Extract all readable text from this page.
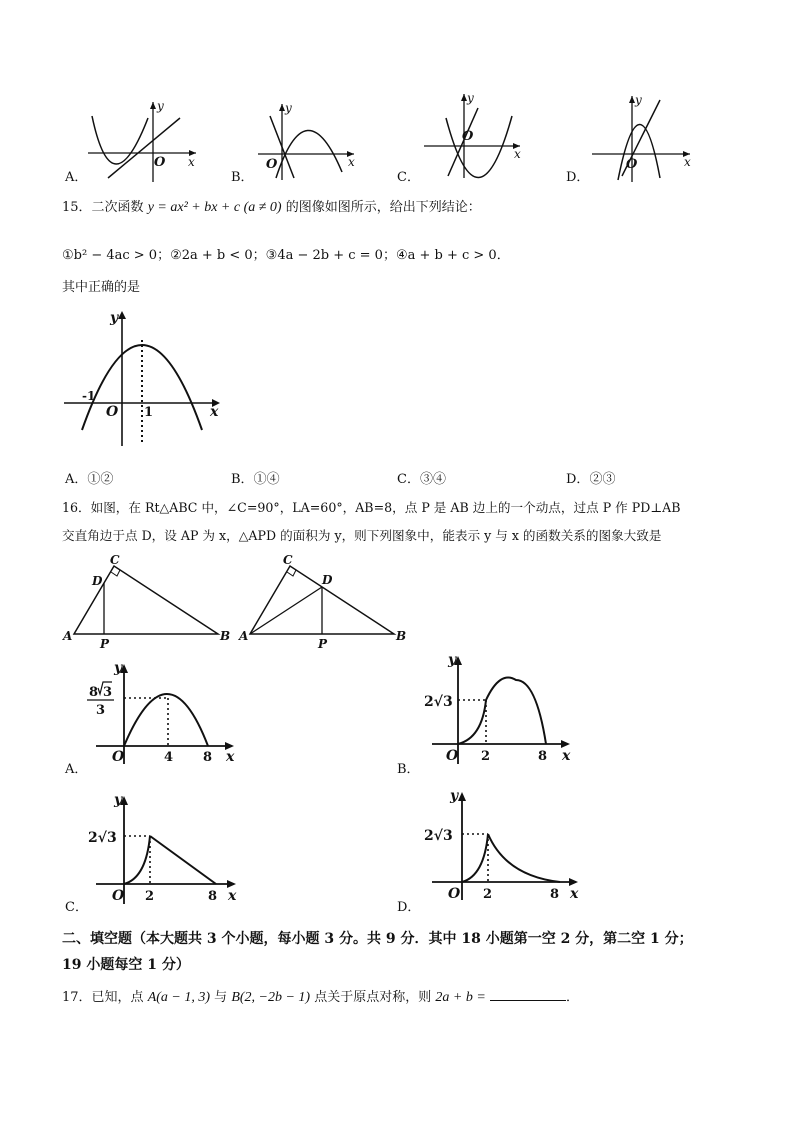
y
x
O
y
x
O
y
x
O
y
x
O
A．	B．	C．	D．
15．二次函数 y = ax² + bx + c (a ≠ 0) 的图像如图所示，给出下列结论：
①b² − 4ac > 0；②2a + b < 0；③4a − 2b + c = 0；④a + b + c > 0．
其中正确的是
y
x
O
-1
1
A．①②	B．①④	C．③④	D．②③
16．如图，在 Rt△ABC 中，∠C=90°，LA=60°，AB=8，点 P 是 AB 边上的一个动点，过点 P 作 PD⊥AB
交直角边于点 D，设 AP 为 x，△APD 的面积为 y，则下列图象中，能表示 y 与 x 的函数关系的图象大致是
C
D
A
P
B
C
D
A
P
B
y
x
O
8 3
3
4 8
A．
y
x
O
2√3
2	8
B．
y
x
O
2√3
2	8
C．
y
x
O
2√3
2	8
D．
二、填空题（本大题共 3 个小题，每小题 3 分。共 9 分．其中 18 小题第一空 2 分，第二空 1 分；
19 小题每空 1 分）
17．已知，点 A(a − 1, 3) 与 B(2, −2b − 1) 点关于原点对称，则 2a + b =	．
